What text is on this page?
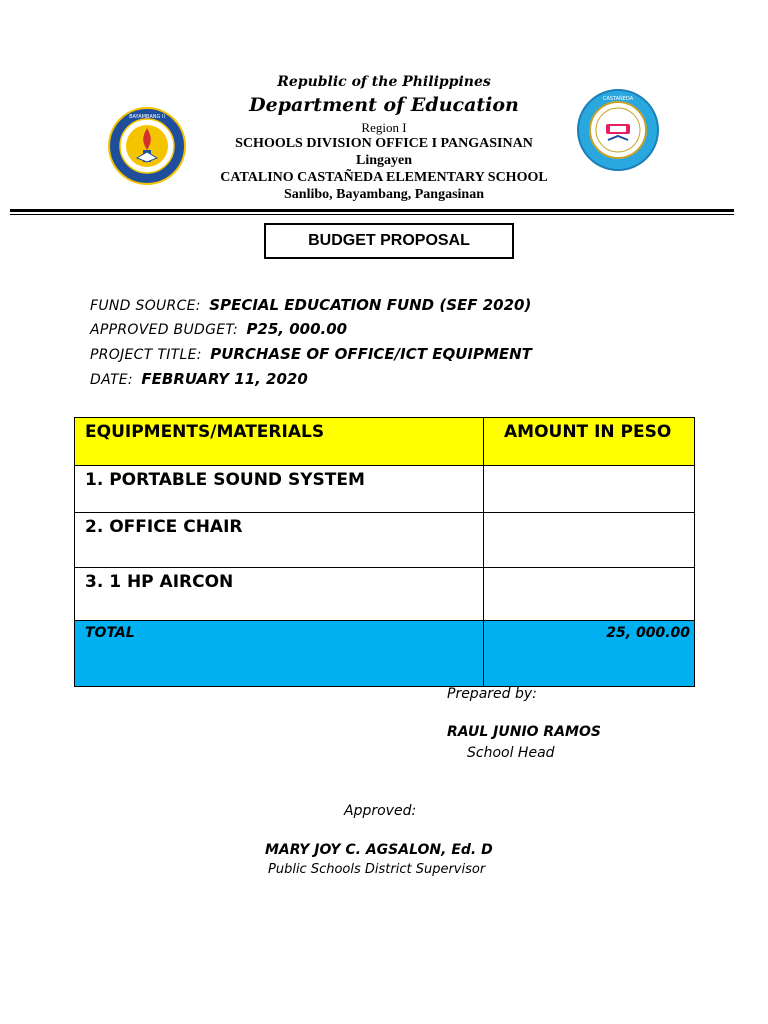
Republic of the Philippines
Department of Education
Region I
SCHOOLS DIVISION OFFICE I PANGASINAN
Lingayen
CATALINO CASTAÑEDA ELEMENTARY SCHOOL
Sanlibo, Bayambang, Pangasinan
BAYAMBANG II
CASTAÑEDA
BUDGET PROPOSAL
FUND SOURCE: SPECIAL EDUCATION FUND (SEF 2020)
APPROVED BUDGET: P25, 000.00
PROJECT TITLE: PURCHASE OF OFFICE/ICT EQUIPMENT
DATE: FEBRUARY 11, 2020
EQUIPMENTS/MATERIALS	AMOUNT IN PESO
1. PORTABLE SOUND SYSTEM	
2. OFFICE CHAIR	
3. 1 HP AIRCON	
TOTAL	25, 000.00
Prepared by:
RAUL JUNIO RAMOS
School Head
Approved:
MARY JOY C. AGSALON, Ed. D
Public Schools District Supervisor
